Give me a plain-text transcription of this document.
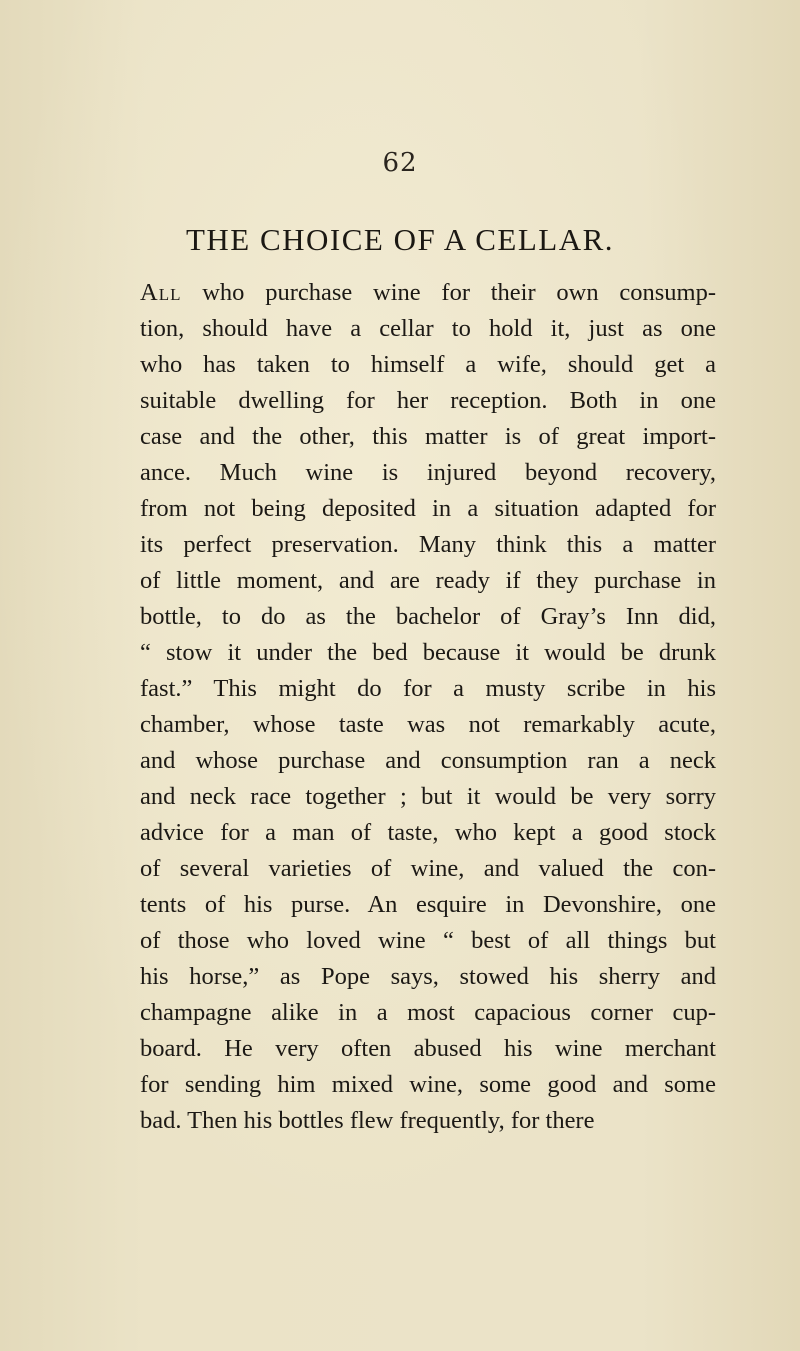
62
THE CHOICE OF A CELLAR.
All who purchase wine for their own consump-
tion, should have a cellar to hold it, just as one
who has taken to himself a wife, should get a
suitable dwelling for her reception. Both in one
case and the other, this matter is of great import-
ance. Much wine is injured beyond recovery,
from not being deposited in a situation adapted for
its perfect preservation. Many think this a matter
of little moment, and are ready if they purchase in
bottle, to do as the bachelor of Gray’s Inn did,
“ stow it under the bed because it would be drunk
fast.” This might do for a musty scribe in his
chamber, whose taste was not remarkably acute,
and whose purchase and consumption ran a neck
and neck race together ; but it would be very sorry
advice for a man of taste, who kept a good stock
of several varieties of wine, and valued the con-
tents of his purse. An esquire in Devonshire, one
of those who loved wine “ best of all things but
his horse,” as Pope says, stowed his sherry and
champagne alike in a most capacious corner cup-
board. He very often abused his wine merchant
for sending him mixed wine, some good and some
bad. Then his bottles flew frequently, for there
